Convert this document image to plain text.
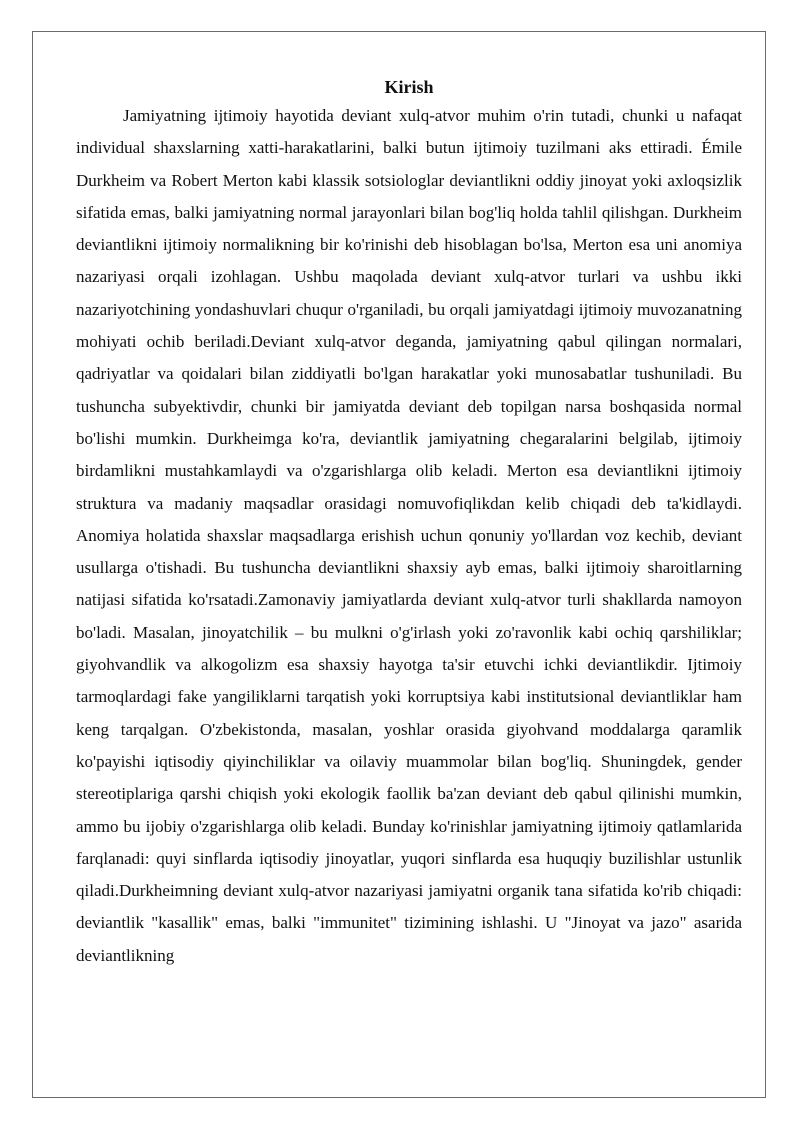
Kirish

Jamiyatning ijtimoiy hayotida deviant xulq-atvor muhim o'rin tutadi, chunki u nafaqat individual shaxslarning xatti-harakatlarini, balki butun ijtimoiy tuzilmani aks ettiradi. Émile Durkheim va Robert Merton kabi klassik sotsiologlar deviantlikni oddiy jinoyat yoki axloqsizlik sifatida emas, balki jamiyatning normal jarayonlari bilan bog'liq holda tahlil qilishgan. Durkheim deviantlikni ijtimoiy normalikning bir ko'rinishi deb hisoblagan bo'lsa, Merton esa uni anomiya nazariyasi orqali izohlagan. Ushbu maqolada deviant xulq-atvor turlari va ushbu ikki nazariyotchining yondashuvlari chuqur o'rganiladi, bu orqali jamiyatdagi ijtimoiy muvozanatning mohiyati ochib beriladi.Deviant xulq-atvor deganda, jamiyatning qabul qilingan normalari, qadriyatlar va qoidalari bilan ziddiyatli bo'lgan harakatlar yoki munosabatlar tushuniladi. Bu tushuncha subyektivdir, chunki bir jamiyatda deviant deb topilgan narsa boshqasida normal bo'lishi mumkin. Durkheimga ko'ra, deviantlik jamiyatning chegaralarini belgilab, ijtimoiy birdamlikni mustahkamlaydi va o'zgarishlarga olib keladi. Merton esa deviantlikni ijtimoiy struktura va madaniy maqsadlar orasidagi nomuvofiqlikdan kelib chiqadi deb ta'kidlaydi. Anomiya holatida shaxslar maqsadlarga erishish uchun qonuniy yo'llardan voz kechib, deviant usullarga o'tishadi. Bu tushuncha deviantlikni shaxsiy ayb emas, balki ijtimoiy sharoitlarning natijasi sifatida ko'rsatadi.Zamonaviy jamiyatlarda deviant xulq-atvor turli shakllarda namoyon bo'ladi. Masalan, jinoyatchilik – bu mulkni o'g'irlash yoki zo'ravonlik kabi ochiq qarshiliklar; giyohvandlik va alkogolizm esa shaxsiy hayotga ta'sir etuvchi ichki deviantlikdir. Ijtimoiy tarmoqlardagi fake yangiliklarni tarqatish yoki korruptsiya kabi institutsional deviantliklar ham keng tarqalgan. O'zbekistonda, masalan, yoshlar orasida giyohvand moddalarga qaramlik ko'payishi iqtisodiy qiyinchiliklar va oilaviy muammolar bilan bog'liq. Shuningdek, gender stereotiplariga qarshi chiqish yoki ekologik faollik ba'zan deviant deb qabul qilinishi mumkin, ammo bu ijobiy o'zgarishlarga olib keladi. Bunday ko'rinishlar jamiyatning ijtimoiy qatlamlarida farqlanadi: quyi sinflarda iqtisodiy jinoyatlar, yuqori sinflarda esa huquqiy buzilishlar ustunlik qiladi.Durkheimning deviant xulq-atvor nazariyasi jamiyatni organik tana sifatida ko'rib chiqadi: deviantlik "kasallik" emas, balki "immunitet" tizimining ishlashi. U "Jinoyat va jazo" asarida deviantlikning
